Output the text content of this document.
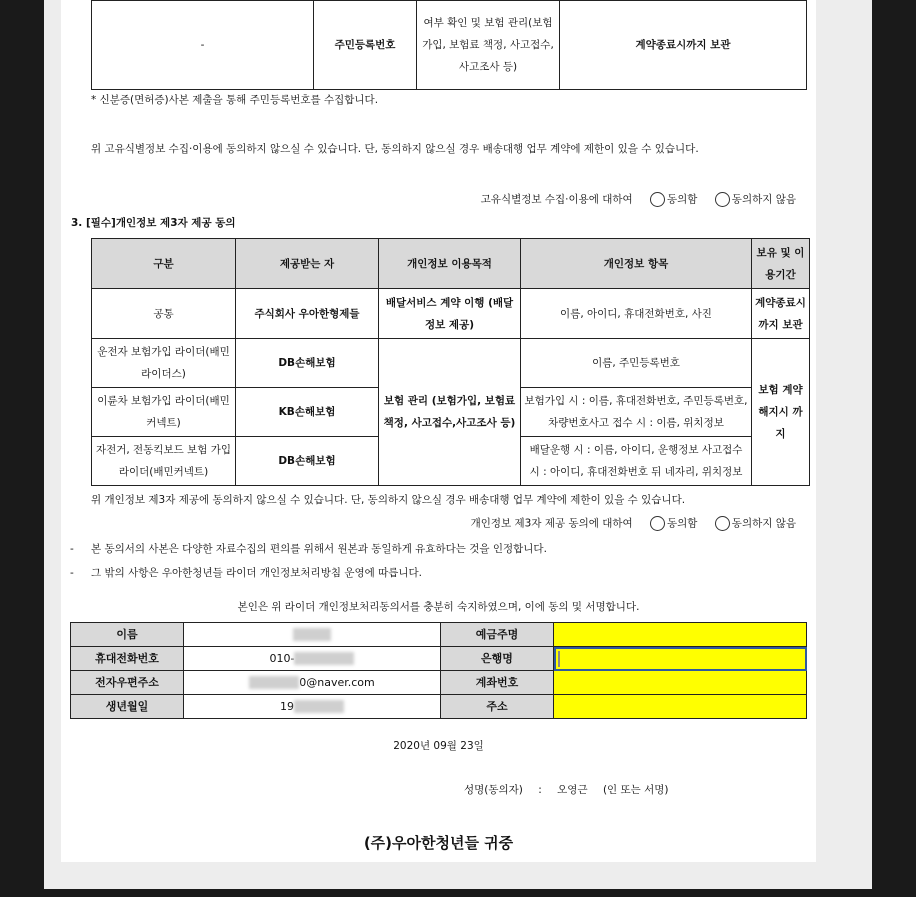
-	주민등록번호	여부 확인 및 보험 관리(보험가입, 보험료 책정, 사고접수, 사고조사 등)	계약종료시까지 보관
* 신분증(면허증)사본 제출을 통해 주민등록번호를 수집합니다.
위 고유식별정보 수집·이용에 동의하지 않으실 수 있습니다. 단, 동의하지 않으실 경우 배송대행 업무 계약에 제한이 있을 수 있습니다.
고유식별정보 수집·이용에 대하여	동의함	동의하지 않음
3. [필수]개인정보 제3자 제공 동의
구분	제공받는 자	개인정보 이용목적	개인정보 항목	보유 및 이용기간
공통	주식회사 우아한형제들	배달서비스 계약 이행 (배달정보 제공)	이름, 아이디, 휴대전화번호, 사진	계약종료시까지 보관
운전자 보험가입 라이더(배민라이더스)	DB손해보험	보험 관리 (보험가입, 보험료 책정, 사고접수,사고조사 등)	이름, 주민등록번호	보험 계약 해지시 까지
이륜차 보험가입 라이더(배민커넥트)	KB손해보험		보험가입 시 : 이름, 휴대전화번호, 주민등록번호, 차량번호사고 접수 시 : 이름, 위치정보	
자전거, 전동킥보드 보험 가입 라이더(배민커넥트)	DB손해보험		배달운행 시 : 이름, 아이디, 운행정보 사고접수 시 : 아이디, 휴대전화번호 뒤 네자리, 위치정보	
위 개인정보 제3자 제공에 동의하지 않으실 수 있습니다. 단, 동의하지 않으실 경우 배송대행 업무 계약에 제한이 있을 수 있습니다.
개인정보 제3자 제공 동의에 대하여	동의함	동의하지 않음
- 본 동의서의 사본은 다양한 자료수집의 편의를 위해서 원본과 동일하게 유효하다는 것을 인정합니다.
- 그 밖의 사항은 우아한청년들 라이더 개인정보처리방침 운영에 따릅니다.
본인은 위 라이더 개인정보처리동의서를 충분히 숙지하였으며, 이에 동의 및 서명합니다.
이름		예금주명	
휴대전화번호	010-	은행명	

전자우편주소	0@naver.com	계좌번호	
생년월일	19	주소	
2020년 09월 23일
성명(동의자) : 오영근 (인 또는 서명)
(주)우아한청년들 귀중
